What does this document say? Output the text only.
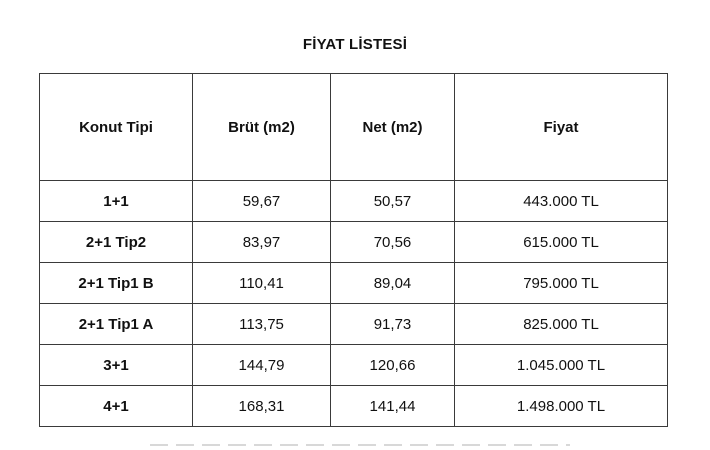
FİYAT LİSTESİ
Konut Tipi	Brüt (m2)	Net (m2)	Fiyat
1+1	59,67	50,57	443.000 TL
2+1 Tip2	83,97	70,56	615.000 TL
2+1 Tip1 B	110,41	89,04	795.000 TL
2+1 Tip1 A	113,75	91,73	825.000 TL
3+1	144,79	120,66	1.045.000 TL
4+1	168,31	141,44	1.498.000 TL
